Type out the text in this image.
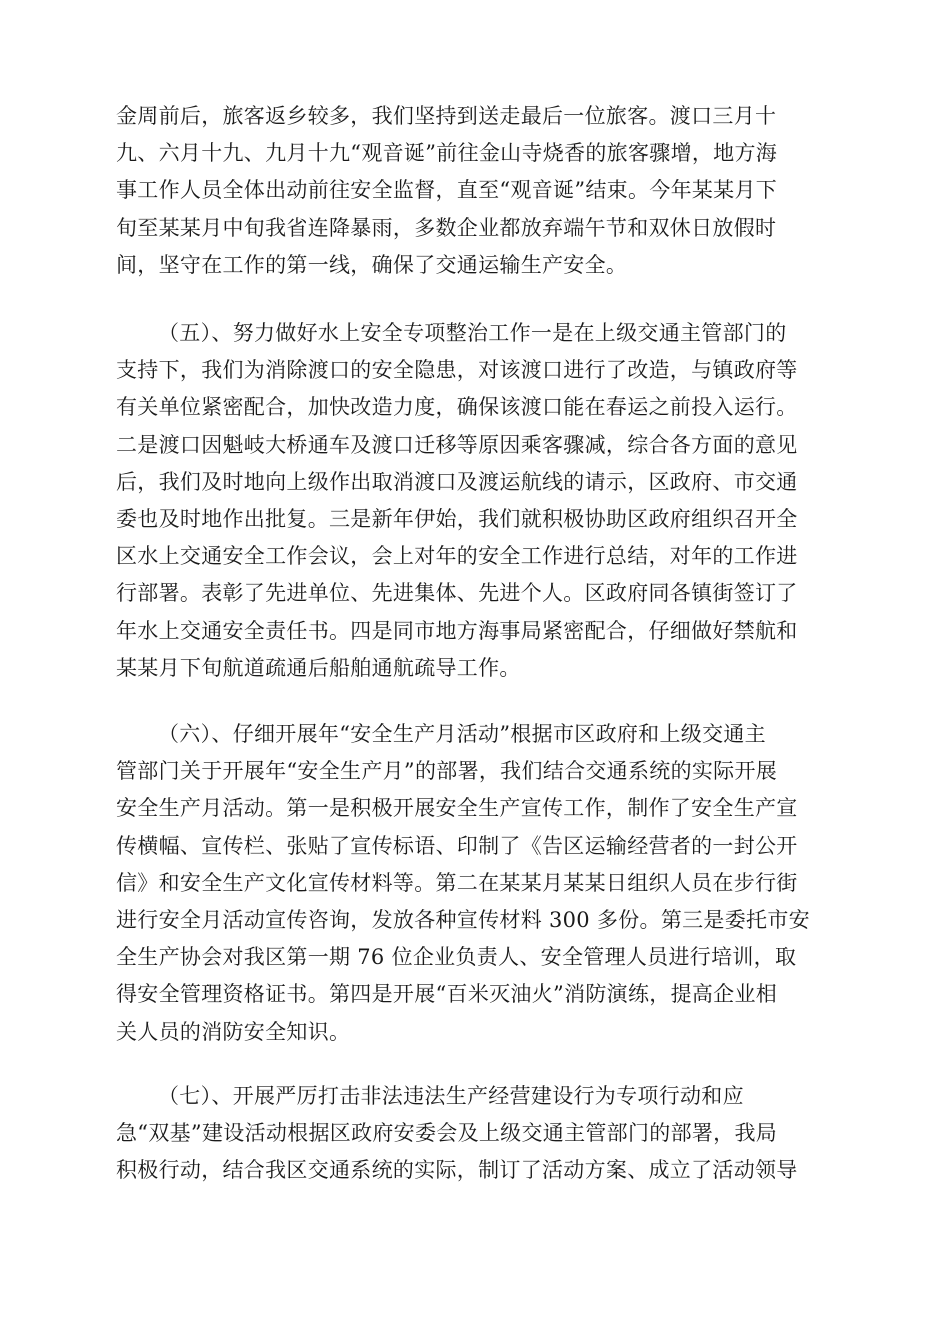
金周前后，旅客返乡较多，我们坚持到送走最后一位旅客。渡口三月十
九、六月十九、九月十九“观音诞”前往金山寺烧香的旅客骤增，地方海
事工作人员全体出动前往安全监督，直至“观音诞”结束。今年某某月下
旬至某某月中旬我省连降暴雨，多数企业都放弃端午节和双休日放假时
间，坚守在工作的第一线，确保了交通运输生产安全。
（五）、努力做好水上安全专项整治工作一是在上级交通主管部门的
支持下，我们为消除渡口的安全隐患，对该渡口进行了改造，与镇政府等
有关单位紧密配合，加快改造力度，确保该渡口能在春运之前投入运行。
二是渡口因魁岐大桥通车及渡口迁移等原因乘客骤减，综合各方面的意见
后，我们及时地向上级作出取消渡口及渡运航线的请示，区政府、市交通
委也及时地作出批复。三是新年伊始，我们就积极协助区政府组织召开全
区水上交通安全工作会议，会上对年的安全工作进行总结，对年的工作进
行部署。表彰了先进单位、先进集体、先进个人。区政府同各镇街签订了
年水上交通安全责任书。四是同市地方海事局紧密配合，仔细做好禁航和
某某月下旬航道疏通后船舶通航疏导工作。
（六）、仔细开展年“安全生产月活动”根据市区政府和上级交通主
管部门关于开展年“安全生产月”的部署，我们结合交通系统的实际开展
安全生产月活动。第一是积极开展安全生产宣传工作，制作了安全生产宣
传横幅、宣传栏、张贴了宣传标语、印制了《告区运输经营者的一封公开
信》和安全生产文化宣传材料等。第二在某某月某某日组织人员在步行街
进行安全月活动宣传咨询，发放各种宣传材料 300 多份。第三是委托市安
全生产协会对我区第一期 76 位企业负责人、安全管理人员进行培训，取
得安全管理资格证书。第四是开展“百米灭油火”消防演练，提高企业相
关人员的消防安全知识。
（七）、开展严厉打击非法违法生产经营建设行为专项行动和应
急“双基”建设活动根据区政府安委会及上级交通主管部门的部署，我局
积极行动，结合我区交通系统的实际，制订了活动方案、成立了活动领导
